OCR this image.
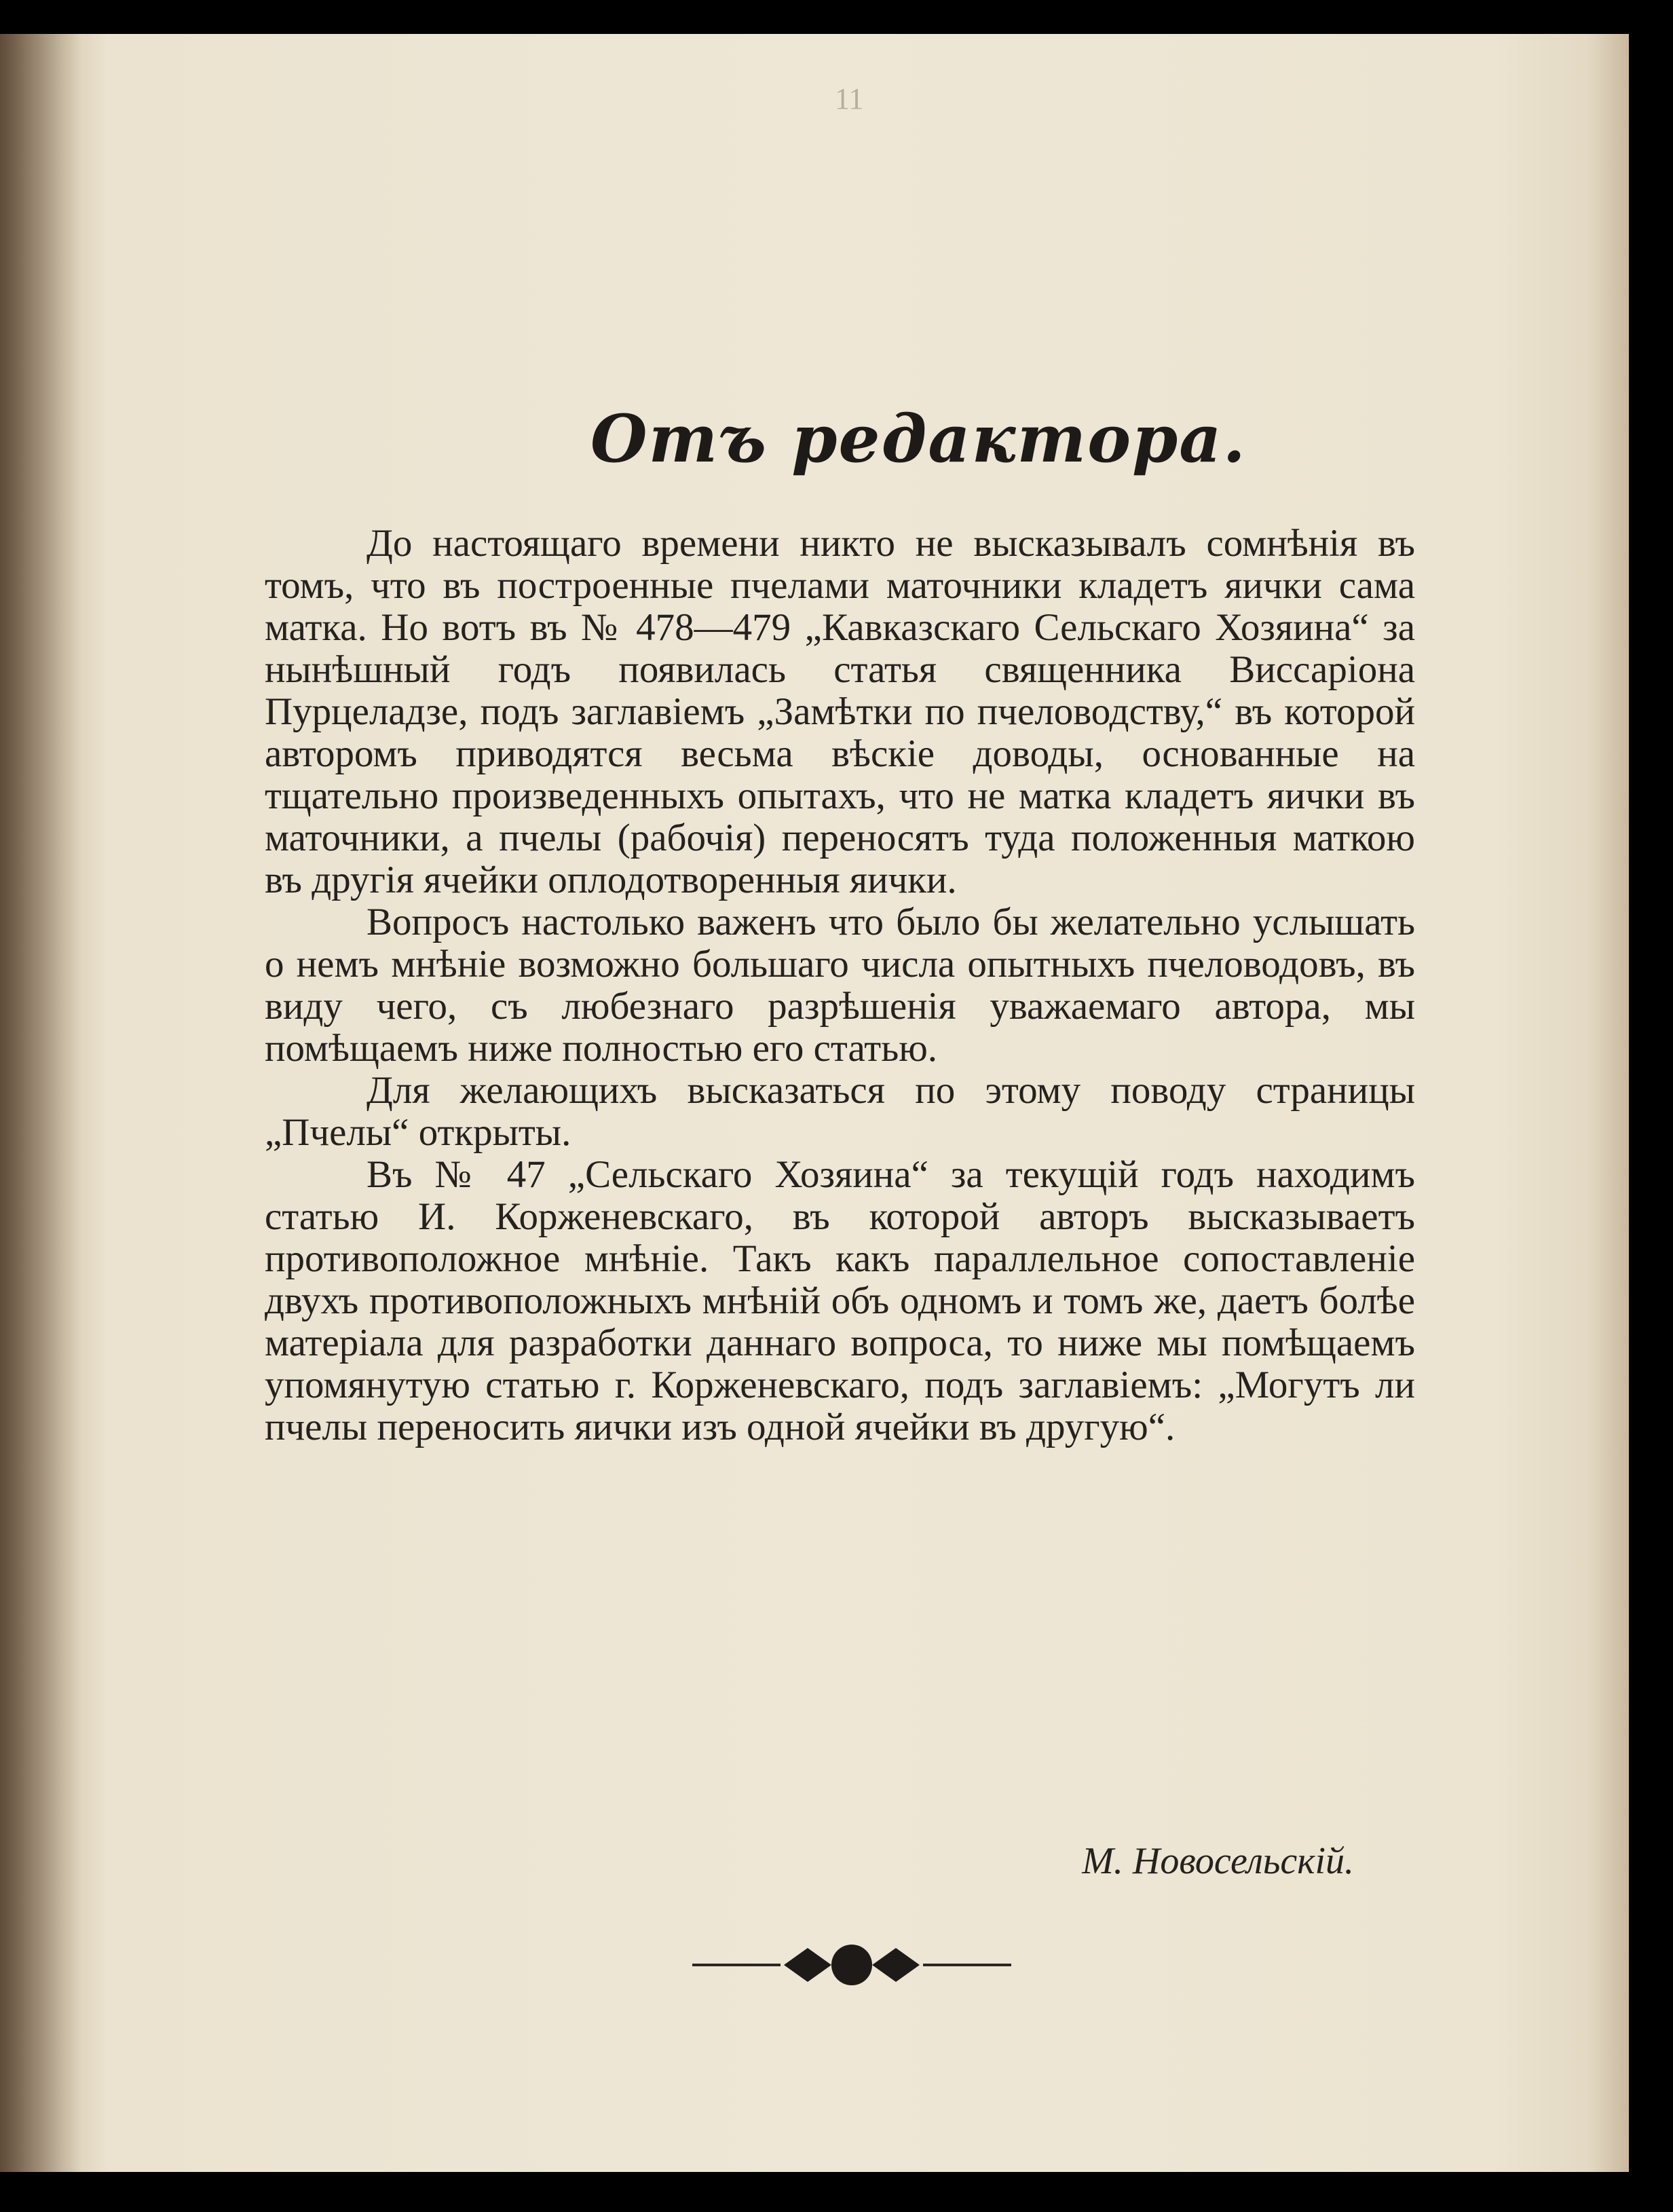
11
Отъ редактора.

До настоящаго времени никто не высказывалъ сомнѣнія въ томъ, что въ построенные пчелами маточники кладетъ яички сама матка. Но вотъ въ № 478—479 „Кавказскаго Сельскаго Хозяина“ за нынѣшный годъ появилась статья священника Виссаріона Пурцеладзе, подъ заглавіемъ „Замѣтки по пчеловодству,“ въ которой авторомъ приводятся весьма вѣскіе доводы, основанные на тщательно произведенныхъ опытахъ, что не матка кладетъ яички въ маточники, а пчелы (рабочія) переносятъ туда положенныя маткою въ другія ячейки оплодотворенныя яички.

Вопросъ настолько важенъ что было бы желательно услышать о немъ мнѣніе возможно большаго числа опытныхъ пчеловодовъ, въ виду чего, съ любезнаго разрѣшенія уважаемаго автора, мы помѣщаемъ ниже полностью его статью.

Для желающихъ высказаться по этому поводу страницы „Пчелы“ открыты.

Въ № 47 „Сельскаго Хозяина“ за текущій годъ находимъ статью И. Корженевскаго, въ которой авторъ высказываетъ противоположное мнѣніе. Такъ какъ параллельное сопоставленіе двухъ противоположныхъ мнѣній объ одномъ и томъ же, даетъ болѣе матеріала для разработки даннаго вопроса, то ниже мы помѣщаемъ упомянутую статью г. Корженевскаго, подъ заглавіемъ: „Могутъ ли пчелы переносить яички изъ одной ячейки въ другую“.

М. Новосельскій.
